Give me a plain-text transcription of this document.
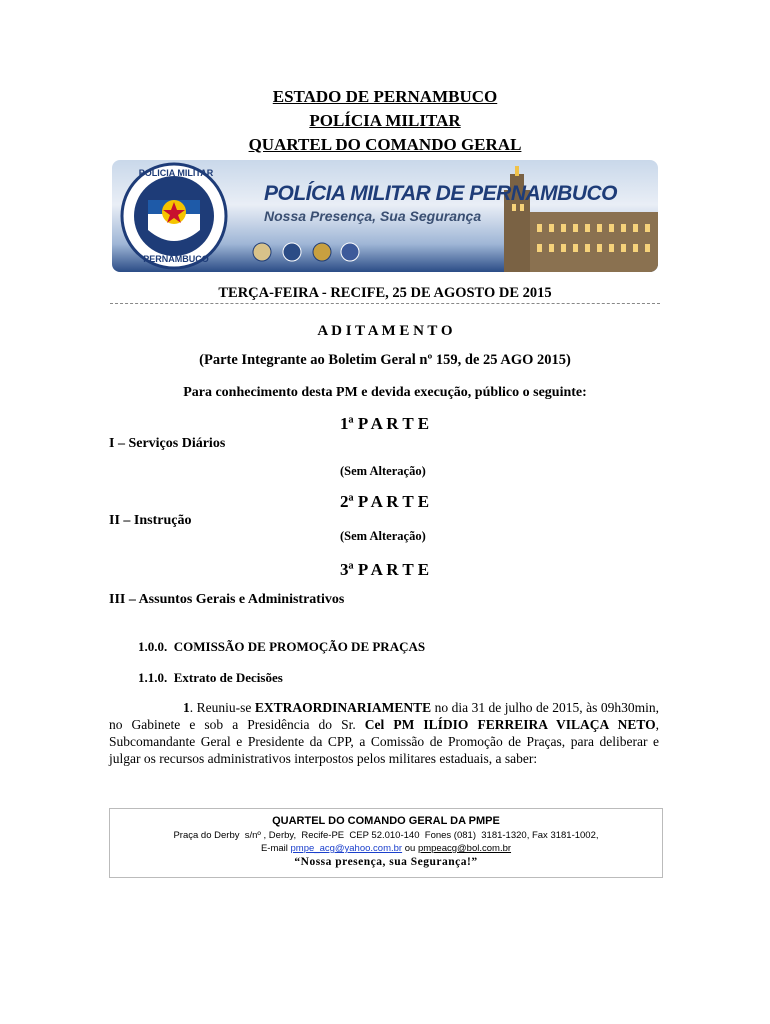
ESTADO DE PERNAMBUCO
POLÍCIA MILITAR
QUARTEL DO COMANDO GERAL
POLICIA MILITAR
PERNAMBUCO
POLÍCIA MILITAR DE PERNAMBUCO
Nossa Presença, Sua Segurança
TERÇA-FEIRA - RECIFE, 25 DE AGOSTO DE 2015
A D I T A M E N T O
(Parte Integrante ao Boletim Geral nº 159, de 25 AGO 2015)
Para conhecimento desta PM e devida execução, público o seguinte:
1ª P A R T E
I – Serviços Diários
(Sem Alteração)
2ª P A R T E
II – Instrução
(Sem Alteração)
3ª P A R T E
III – Assuntos Gerais e Administrativos
1.0.0.  COMISSÃO DE PROMOÇÃO DE PRAÇAS
1.1.0.  Extrato de Decisões
1. Reuniu-se EXTRAORDINARIAMENTE no dia 31 de julho de 2015, às 09h30min, no Gabinete e sob a Presidência do Sr. Cel PM ILÍDIO FERREIRA VILAÇA NETO, Subcomandante Geral e Presidente da CPP, a Comissão de Promoção de Praças, para deliberar e julgar os recursos administrativos interpostos pelos militares estaduais, a saber:
QUARTEL DO COMANDO GERAL DA PMPE
Praça do Derby  s/nº , Derby,  Recife-PE  CEP 52.010-140  Fones (081)  3181-1320, Fax 3181-1002,
E-mail pmpe_acg@yahoo.com.br ou pmpeacg@bol.com.br
“Nossa presença, sua Segurança!”
